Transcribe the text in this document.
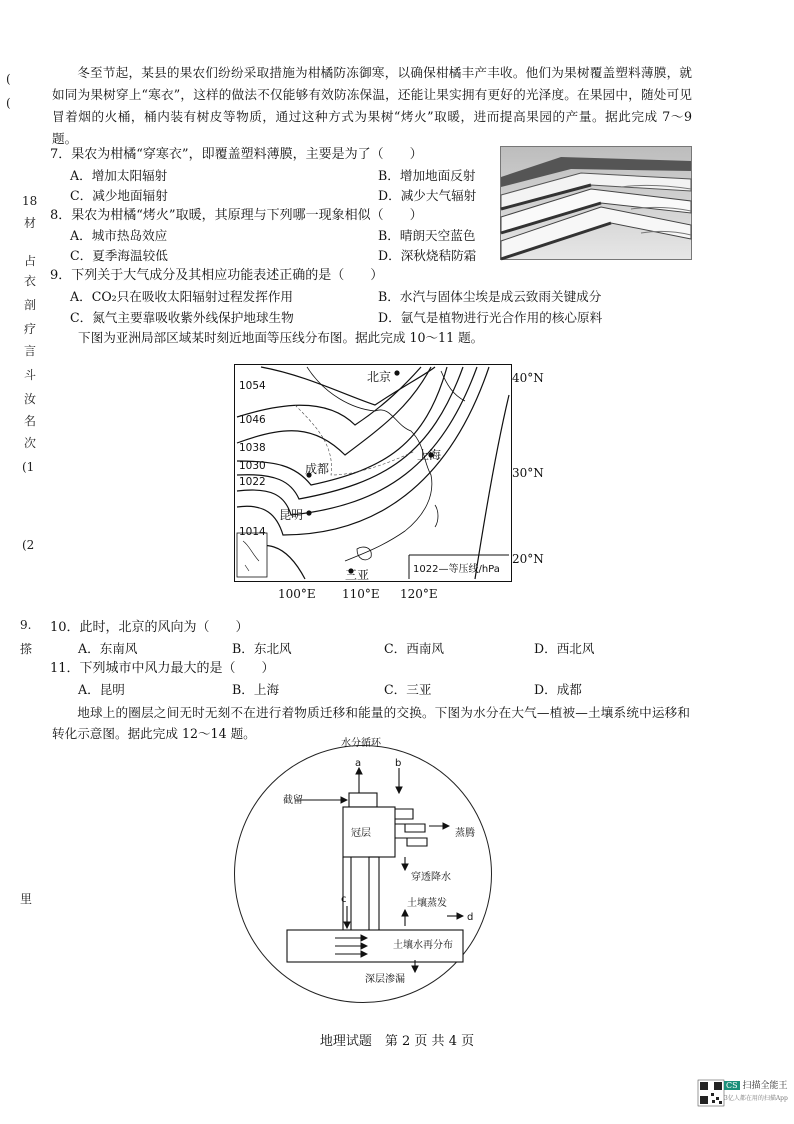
(
(
18
材
占
衣
剖
疗
言
斗
汝
名
次
(1
(2
9.
搽
里
冬至节起，某县的果农们纷纷采取措施为柑橘防冻御寒，以确保柑橘丰产丰收。他们为果树覆盖塑料薄膜，就如同为果树穿上“寒衣”，这样的做法不仅能够有效防冻保温，还能让果实拥有更好的光泽度。在果园中，随处可见冒着烟的火桶，桶内装有树皮等物质，通过这种方式为果树“烤火”取暖，进而提高果园的产量。据此完成 7～9 题。
7．果农为柑橘“穿寒衣”，即覆盖塑料薄膜，主要是为了（　　）
A．增加太阳辐射	B．增加地面反射
C．减少地面辐射	D．减少大气辐射
8．果农为柑橘“烤火”取暖，其原理与下列哪一现象相似（　　）
A．城市热岛效应	B．晴朗天空蓝色
C．夏季海温较低	D．深秋烧秸防霜
9．下列关于大气成分及其相应功能表述正确的是（　　）
A．CO₂只在吸收太阳辐射过程发挥作用	B．水汽与固体尘埃是成云致雨关键成分
C．氮气主要靠吸收紫外线保护地球生物	D．氩气是植物进行光合作用的核心原料
下图为亚洲局部区域某时刻近地面等压线分布图。据此完成 10～11 题。
1054
1046
1038
1030
1022
1014
北京
上海
成都
昆明
三亚	1022—等压线/hPa
40°N
30°N
20°N
100°E 110°E 120°E
10．此时，北京的风向为（　　）
A．东南风	B．东北风	C．西南风	D．西北风
11．下列城市中风力最大的是（　　）
A．昆明	B．上海	C．三亚	D．成都
地球上的圈层之间无时无刻不在进行着物质迁移和能量的交换。下图为水分在大气—植被—土壤系统中运移和转化示意图。据此完成 12～14 题。
水分循环
a	b
c
d
截留
冠层	蒸腾
穿透降水
土壤蒸发
土壤水再分布
深层渗漏
地理试题　第 2 页 共 4 页
CS 扫描全能王
3亿人都在用的扫描App
